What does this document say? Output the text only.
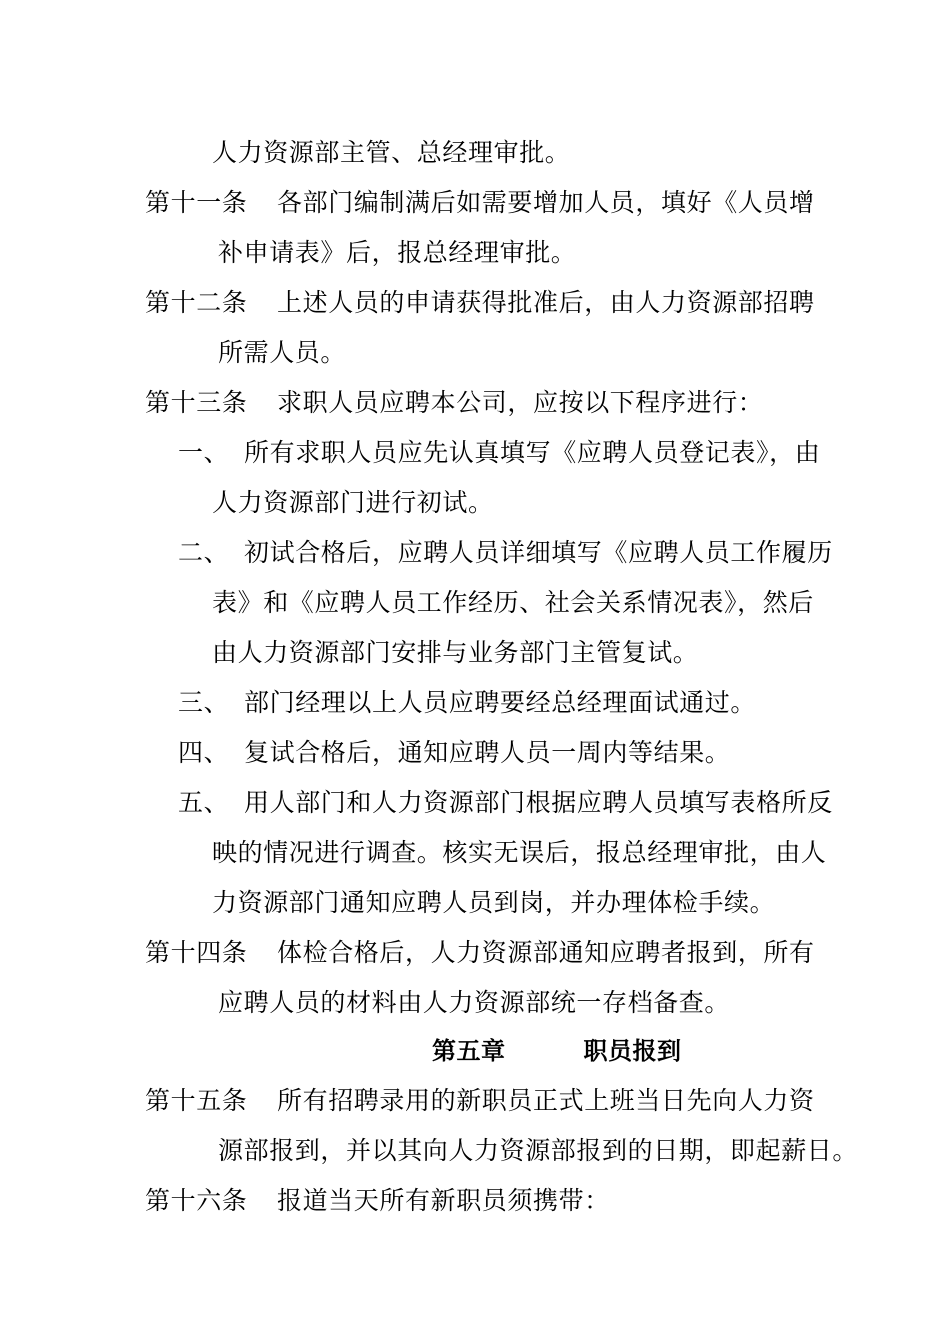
人力资源部主管、总经理审批。
第十一条 各部门编制满后如需要增加人员，填好《人员增
补申请表》后，报总经理审批。
第十二条 上述人员的申请获得批准后，由人力资源部招聘
所需人员。
第十三条 求职人员应聘本公司，应按以下程序进行：
一、 所有求职人员应先认真填写《应聘人员登记表》，由
人力资源部门进行初试。
二、 初试合格后，应聘人员详细填写《应聘人员工作履历
表》和《应聘人员工作经历、社会关系情况表》，然后
由人力资源部门安排与业务部门主管复试。
三、 部门经理以上人员应聘要经总经理面试通过。
四、 复试合格后，通知应聘人员一周内等结果。
五、 用人部门和人力资源部门根据应聘人员填写表格所反
映的情况进行调查。核实无误后，报总经理审批，由人
力资源部门通知应聘人员到岗，并办理体检手续。
第十四条 体检合格后，人力资源部通知应聘者报到，所有
应聘人员的材料由人力资源部统一存档备查。
第五章	职员报到
第十五条 所有招聘录用的新职员正式上班当日先向人力资
源部报到，并以其向人力资源部报到的日期，即起薪日。
第十六条 报道当天所有新职员须携带：
